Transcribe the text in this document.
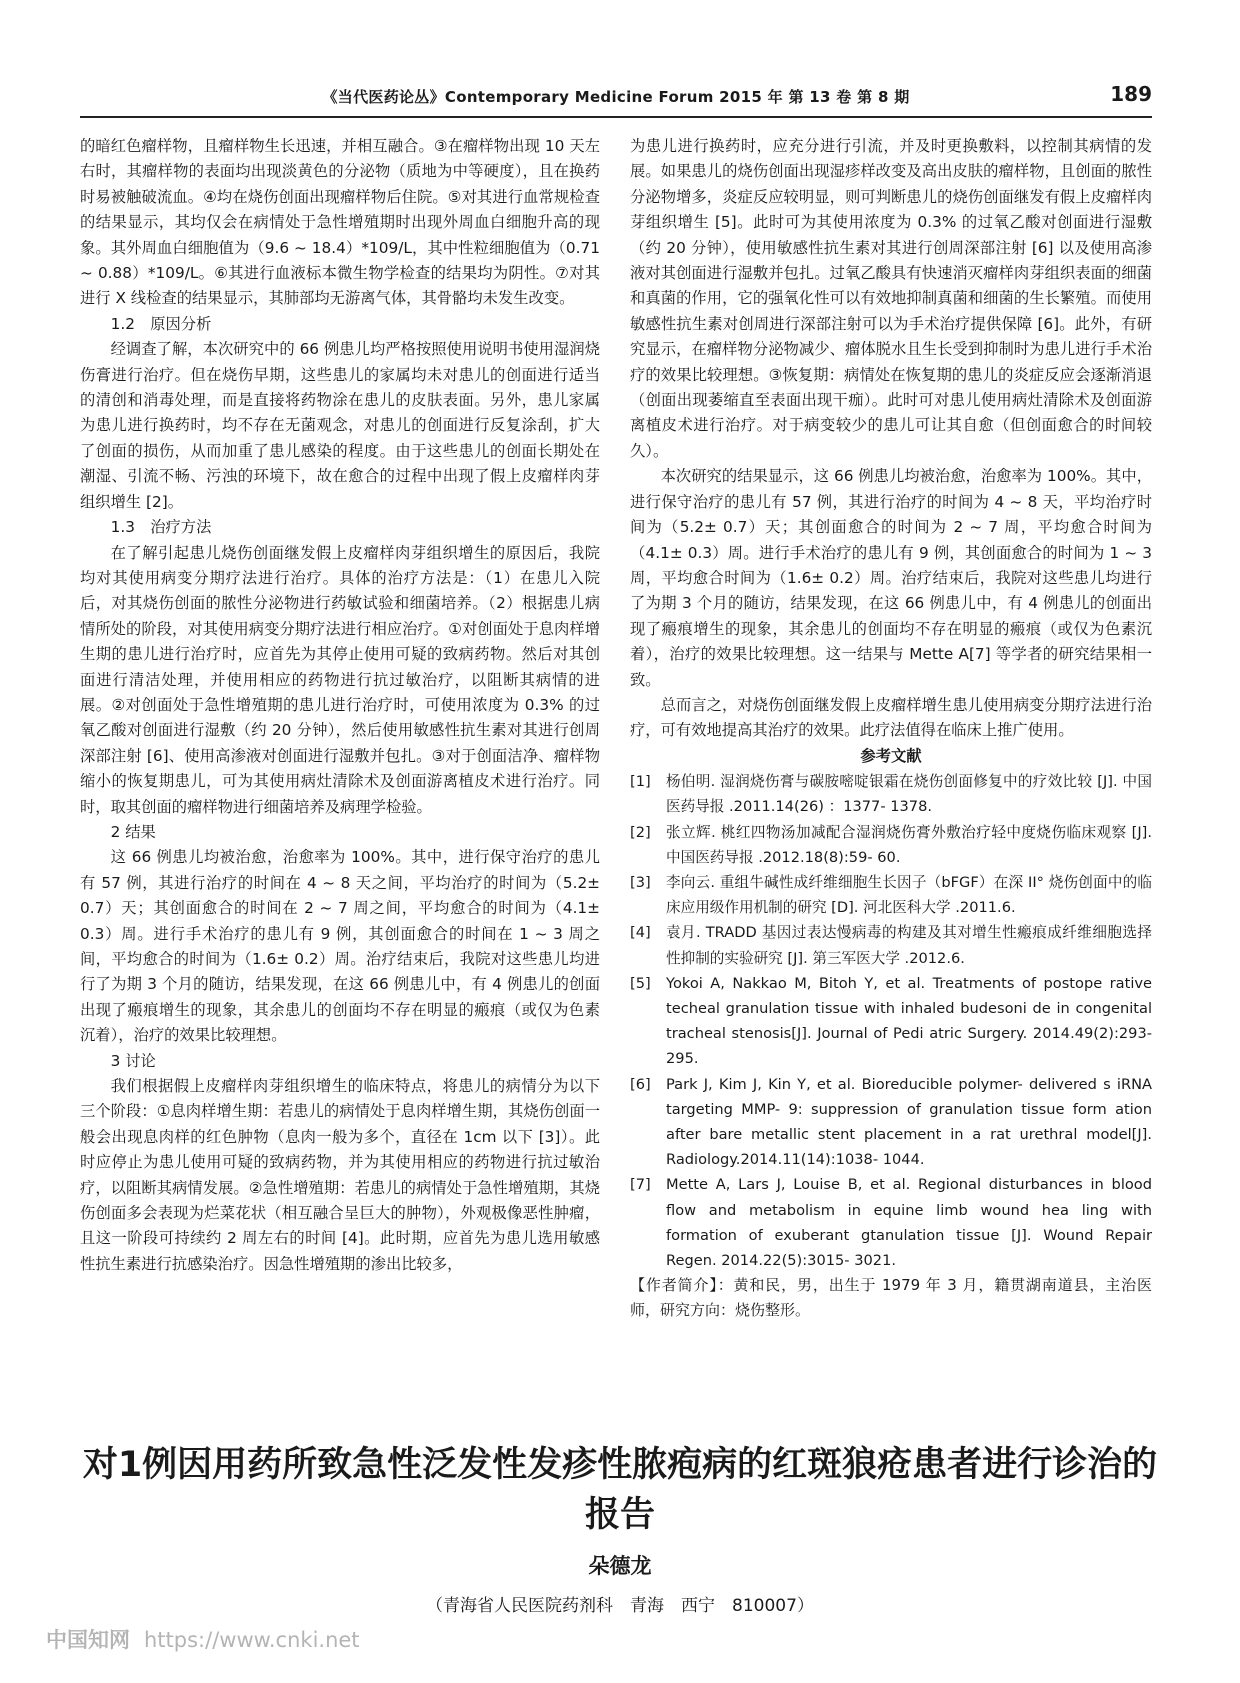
《当代医药论丛》Contemporary Medicine Forum 2015 年 第 13 卷 第 8 期	189

的暗红色瘤样物，且瘤样物生长迅速，并相互融合。③在瘤样物出现 10 天左右时，其瘤样物的表面均出现淡黄色的分泌物（质地为中等硬度），且在换药时易被触破流血。④均在烧伤创面出现瘤样物后住院。⑤对其进行血常规检查的结果显示，其均仅会在病情处于急性增殖期时出现外周血白细胞升高的现象。其外周血白细胞值为（9.6 ~ 18.4）*109/L，其中性粒细胞值为（0.71 ~ 0.88）*109/L。⑥其进行血液标本微生物学检查的结果均为阴性。⑦对其进行 X 线检查的结果显示，其肺部均无游离气体，其骨骼均未发生改变。

1.2　原因分析

经调查了解，本次研究中的 66 例患儿均严格按照使用说明书使用湿润烧伤膏进行治疗。但在烧伤早期，这些患儿的家属均未对患儿的创面进行适当的清创和消毒处理，而是直接将药物涂在患儿的皮肤表面。另外，患儿家属为患儿进行换药时，均不存在无菌观念，对患儿的创面进行反复涂刮，扩大了创面的损伤，从而加重了患儿感染的程度。由于这些患儿的创面长期处在潮湿、引流不畅、污浊的环境下，故在愈合的过程中出现了假上皮瘤样肉芽组织增生 [2]。

1.3　治疗方法

在了解引起患儿烧伤创面继发假上皮瘤样肉芽组织增生的原因后，我院均对其使用病变分期疗法进行治疗。具体的治疗方法是：（1）在患儿入院后，对其烧伤创面的脓性分泌物进行药敏试验和细菌培养。（2）根据患儿病情所处的阶段，对其使用病变分期疗法进行相应治疗。①对创面处于息肉样增生期的患儿进行治疗时，应首先为其停止使用可疑的致病药物。然后对其创面进行清洁处理，并使用相应的药物进行抗过敏治疗，以阻断其病情的进展。②对创面处于急性增殖期的患儿进行治疗时，可使用浓度为 0.3% 的过氧乙酸对创面进行湿敷（约 20 分钟），然后使用敏感性抗生素对其进行创周深部注射 [6]、使用高渗液对创面进行湿敷并包扎。③对于创面洁净、瘤样物缩小的恢复期患儿，可为其使用病灶清除术及创面游离植皮术进行治疗。同时，取其创面的瘤样物进行细菌培养及病理学检验。

2 结果

这 66 例患儿均被治愈，治愈率为 100%。其中，进行保守治疗的患儿有 57 例，其进行治疗的时间在 4 ~ 8 天之间，平均治疗的时间为（5.2± 0.7）天；其创面愈合的时间在 2 ~ 7 周之间，平均愈合的时间为（4.1± 0.3）周。进行手术治疗的患儿有 9 例，其创面愈合的时间在 1 ~ 3 周之间，平均愈合的时间为（1.6± 0.2）周。治疗结束后，我院对这些患儿均进行了为期 3 个月的随访，结果发现，在这 66 例患儿中，有 4 例患儿的创面出现了瘢痕增生的现象，其余患儿的创面均不存在明显的瘢痕（或仅为色素沉着），治疗的效果比较理想。

3 讨论

我们根据假上皮瘤样肉芽组织增生的临床特点，将患儿的病情分为以下三个阶段：①息肉样增生期：若患儿的病情处于息肉样增生期，其烧伤创面一般会出现息肉样的红色肿物（息肉一般为多个，直径在 1cm 以下 [3]）。此时应停止为患儿使用可疑的致病药物，并为其使用相应的药物进行抗过敏治疗，以阻断其病情发展。②急性增殖期：若患儿的病情处于急性增殖期，其烧伤创面多会表现为烂菜花状（相互融合呈巨大的肿物），外观极像恶性肿瘤，且这一阶段可持续约 2 周左右的时间 [4]。此时期，应首先为患儿选用敏感性抗生素进行抗感染治疗。因急性增殖期的渗出比较多，

为患儿进行换药时，应充分进行引流，并及时更换敷料，以控制其病情的发展。如果患儿的烧伤创面出现湿疹样改变及高出皮肤的瘤样物，且创面的脓性分泌物增多，炎症反应较明显，则可判断患儿的烧伤创面继发有假上皮瘤样肉芽组织增生 [5]。此时可为其使用浓度为 0.3% 的过氧乙酸对创面进行湿敷（约 20 分钟），使用敏感性抗生素对其进行创周深部注射 [6] 以及使用高渗液对其创面进行湿敷并包扎。过氧乙酸具有快速消灭瘤样肉芽组织表面的细菌和真菌的作用，它的强氧化性可以有效地抑制真菌和细菌的生长繁殖。而使用敏感性抗生素对创周进行深部注射可以为手术治疗提供保障 [6]。此外，有研究显示，在瘤样物分泌物减少、瘤体脱水且生长受到抑制时为患儿进行手术治疗的效果比较理想。③恢复期：病情处在恢复期的患儿的炎症反应会逐渐消退（创面出现萎缩直至表面出现干痂）。此时可对患儿使用病灶清除术及创面游离植皮术进行治疗。对于病变较少的患儿可让其自愈（但创面愈合的时间较久）。

本次研究的结果显示，这 66 例患儿均被治愈，治愈率为 100%。其中，进行保守治疗的患儿有 57 例，其进行治疗的时间为 4 ~ 8 天，平均治疗时间为（5.2± 0.7）天；其创面愈合的时间为 2 ~ 7 周，平均愈合时间为（4.1± 0.3）周。进行手术治疗的患儿有 9 例，其创面愈合的时间为 1 ~ 3 周，平均愈合时间为（1.6± 0.2）周。治疗结束后，我院对这些患儿均进行了为期 3 个月的随访，结果发现，在这 66 例患儿中，有 4 例患儿的创面出现了瘢痕增生的现象，其余患儿的创面均不存在明显的瘢痕（或仅为色素沉着），治疗的效果比较理想。这一结果与 Mette A[7] 等学者的研究结果相一致。

总而言之，对烧伤创面继发假上皮瘤样增生患儿使用病变分期疗法进行治疗，可有效地提高其治疗的效果。此疗法值得在临床上推广使用。

参考文献

[1]	杨伯明. 湿润烧伤膏与碳胺嘧啶银霜在烧伤创面修复中的疗效比较 [J]. 中国医药导报 .2011.14(26) ：1377- 1378.
[2]	张立辉. 桃红四物汤加减配合湿润烧伤膏外敷治疗轻中度烧伤临床观察 [J]. 中国医药导报 .2012.18(8):59- 60.
[3]	李向云. 重组牛碱性成纤维细胞生长因子（bFGF）在深 II° 烧伤创面中的临床应用级作用机制的研究 [D]. 河北医科大学 .2011.6.
[4]	袁月. TRADD 基因过表达慢病毒的构建及其对增生性瘢痕成纤维细胞选择性抑制的实验研究 [J]. 第三军医大学 .2012.6.
[5]	Yokoi A, Nakkao M, Bitoh Y, et al. Treatments of postope rative techeal granulation tissue with inhaled budesoni de in congenital tracheal stenosis[J]. Journal of Pedi atric Surgery. 2014.49(2):293- 295.
[6]	Park J, Kim J, Kin Y, et al. Bioreducible polymer- delivered s iRNA targeting MMP- 9: suppression of granulation tissue form ation after bare metallic stent placement in a rat urethral model[J]. Radiology.2014.11(14):1038- 1044.
[7]	Mette A, Lars J, Louise B, et al. Regional disturbances in blood flow and metabolism in equine limb wound hea ling with formation of exuberant gtanulation tissue [J]. Wound Repair Regen. 2014.22(5):3015- 3021.

【作者简介】：黄和民，男，出生于 1979 年 3 月，籍贯湖南道县，主治医师，研究方向：烧伤整形。

对1例因用药所致急性泛发性发疹性脓疱病的红斑狼疮患者进行诊治的报告
朵德龙
（青海省人民医院药剂科　青海　西宁　810007）
中国知网 https://www.cnki.net
